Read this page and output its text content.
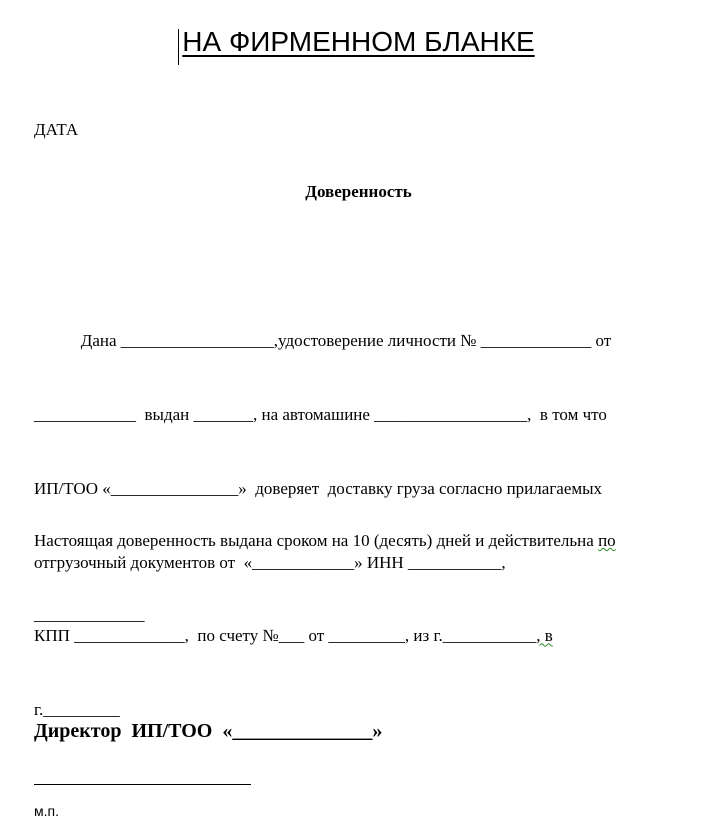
НА ФИРМЕННОМ БЛАНКЕ
ДАТА
Доверенность

Дана __________________,удостоверение личности № _____________ от

____________  выдан _______, на автомашине __________________,  в том что

ИП/ТОО «_______________»  доверяет  доставку груза согласно прилагаемых

отгрузочный документов от  «____________» ИНН ___________,

КПП _____________,  по счету №___ от _________, из г.___________, в

г._________

Настоящая доверенность выдана сроком на 10 (десять) дней и действительна по

_____________

Директор  ИП/ТОО  «______________»
м.п.
